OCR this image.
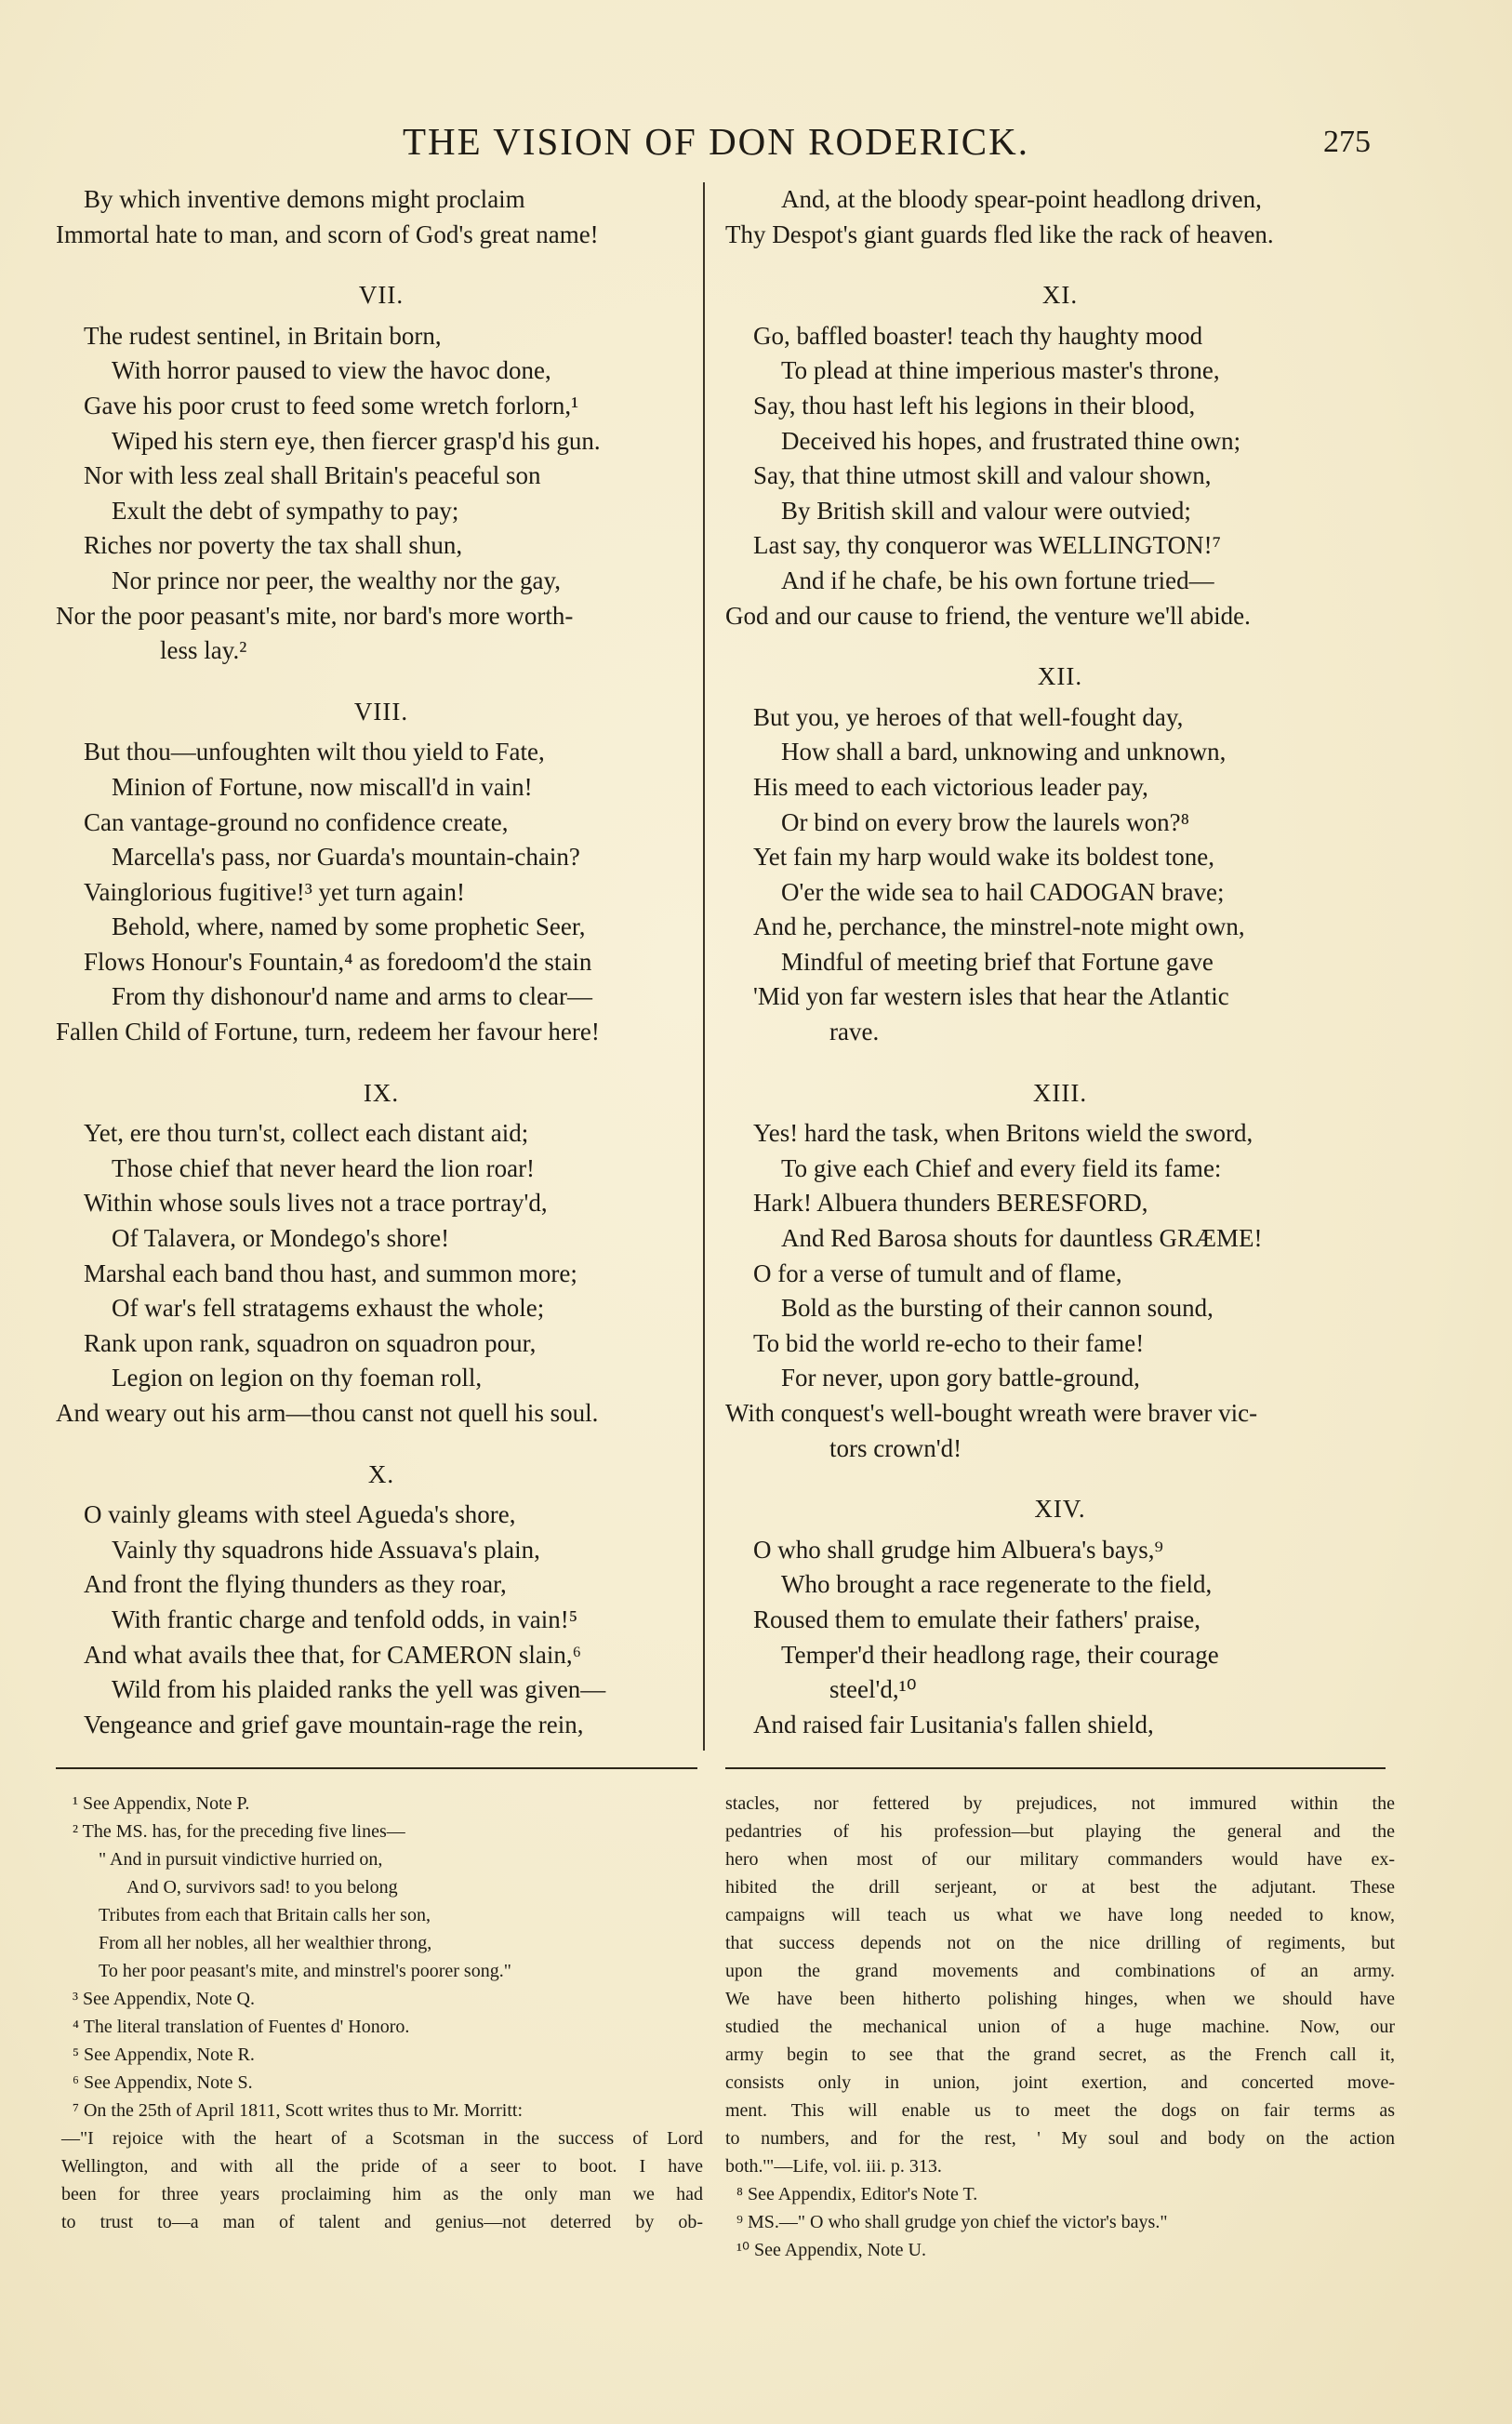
THE VISION OF DON RODERICK.	275
By which inventive demons might proclaim
Immortal hate to man, and scorn of God's great name!
VII.
The rudest sentinel, in Britain born,
With horror paused to view the havoc done,
Gave his poor crust to feed some wretch forlorn,¹
Wiped his stern eye, then fiercer grasp'd his gun.
Nor with less zeal shall Britain's peaceful son
Exult the debt of sympathy to pay;
Riches nor poverty the tax shall shun,
Nor prince nor peer, the wealthy nor the gay,
Nor the poor peasant's mite, nor bard's more worth-
less lay.²
VIII.
But thou—unfoughten wilt thou yield to Fate,
Minion of Fortune, now miscall'd in vain!
Can vantage-ground no confidence create,
Marcella's pass, nor Guarda's mountain-chain?
Vainglorious fugitive!³ yet turn again!
Behold, where, named by some prophetic Seer,
Flows Honour's Fountain,⁴ as foredoom'd the stain
From thy dishonour'd name and arms to clear—
Fallen Child of Fortune, turn, redeem her favour here!
IX.
Yet, ere thou turn'st, collect each distant aid;
Those chief that never heard the lion roar!
Within whose souls lives not a trace portray'd,
Of Talavera, or Mondego's shore!
Marshal each band thou hast, and summon more;
Of war's fell stratagems exhaust the whole;
Rank upon rank, squadron on squadron pour,
Legion on legion on thy foeman roll,
And weary out his arm—thou canst not quell his soul.
X.
O vainly gleams with steel Agueda's shore,
Vainly thy squadrons hide Assuava's plain,
And front the flying thunders as they roar,
With frantic charge and tenfold odds, in vain!⁵
And what avails thee that, for CAMERON slain,⁶
Wild from his plaided ranks the yell was given—
Vengeance and grief gave mountain-rage the rein,
And, at the bloody spear-point headlong driven,
Thy Despot's giant guards fled like the rack of heaven.
XI.
Go, baffled boaster! teach thy haughty mood
To plead at thine imperious master's throne,
Say, thou hast left his legions in their blood,
Deceived his hopes, and frustrated thine own;
Say, that thine utmost skill and valour shown,
By British skill and valour were outvied;
Last say, thy conqueror was WELLINGTON!⁷
And if he chafe, be his own fortune tried—
God and our cause to friend, the venture we'll abide.
XII.
But you, ye heroes of that well-fought day,
How shall a bard, unknowing and unknown,
His meed to each victorious leader pay,
Or bind on every brow the laurels won?⁸
Yet fain my harp would wake its boldest tone,
O'er the wide sea to hail CADOGAN brave;
And he, perchance, the minstrel-note might own,
Mindful of meeting brief that Fortune gave
'Mid yon far western isles that hear the Atlantic
rave.
XIII.
Yes! hard the task, when Britons wield the sword,
To give each Chief and every field its fame:
Hark! Albuera thunders BERESFORD,
And Red Barosa shouts for dauntless GRÆME!
O for a verse of tumult and of flame,
Bold as the bursting of their cannon sound,
To bid the world re-echo to their fame!
For never, upon gory battle-ground,
With conquest's well-bought wreath were braver vic-
tors crown'd!
XIV.
O who shall grudge him Albuera's bays,⁹
Who brought a race regenerate to the field,
Roused them to emulate their fathers' praise,
Temper'd their headlong rage, their courage
steel'd,¹⁰
And raised fair Lusitania's fallen shield,
¹ See Appendix, Note P.
² The MS. has, for the preceding five lines—
" And in pursuit vindictive hurried on,
And O, survivors sad! to you belong
Tributes from each that Britain calls her son,
From all her nobles, all her wealthier throng,
To her poor peasant's mite, and minstrel's poorer song."
³ See Appendix, Note Q.
⁴ The literal translation of Fuentes d' Honoro.
⁵ See Appendix, Note R.
⁶ See Appendix, Note S.
⁷ On the 25th of April 1811, Scott writes thus to Mr. Morritt:
—"I rejoice with the heart of a Scotsman in the success of Lord
Wellington, and with all the pride of a seer to boot. I have
been for three years proclaiming him as the only man we had
to trust to—a man of talent and genius—not deterred by ob-
stacles, nor fettered by prejudices, not immured within the
pedantries of his profession—but playing the general and the
hero when most of our military commanders would have ex-
hibited the drill serjeant, or at best the adjutant. These
campaigns will teach us what we have long needed to know,
that success depends not on the nice drilling of regiments, but
upon the grand movements and combinations of an army.
We have been hitherto polishing hinges, when we should have
studied the mechanical union of a huge machine. Now, our
army begin to see that the grand secret, as the French call it,
consists only in union, joint exertion, and concerted move-
ment. This will enable us to meet the dogs on fair terms as
to numbers, and for the rest, ' My soul and body on the action
both.'"—Life, vol. iii. p. 313.
⁸ See Appendix, Editor's Note T.
⁹ MS.—" O who shall grudge yon chief the victor's bays."
¹⁰ See Appendix, Note U.
